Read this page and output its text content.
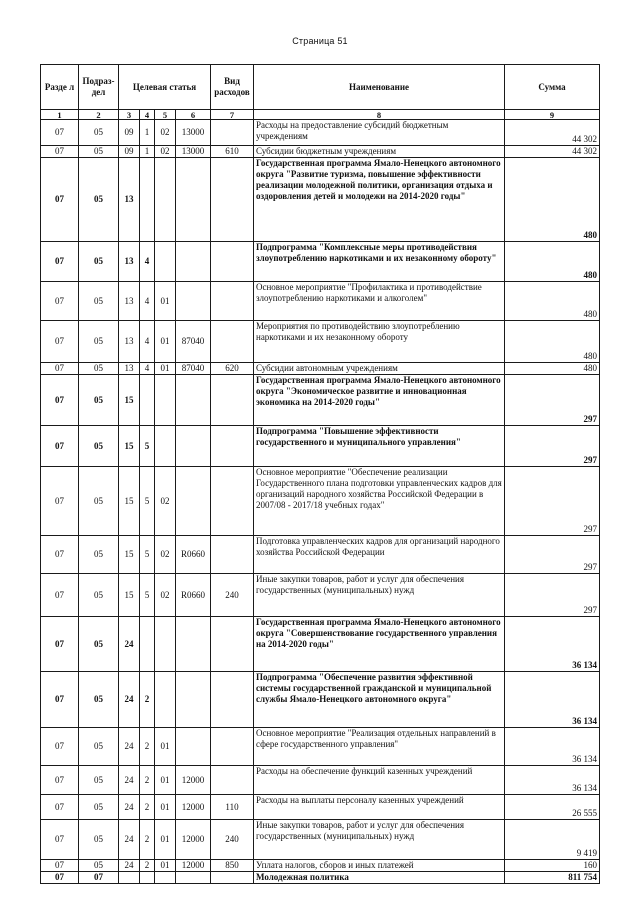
Страница 51
Разде л	Подраз- дел	Целевая статья				Вид расходов	Наименование	Сумма
1	2	3	4	5	6	7	8	9
07	05	09	1	02	13000		Расходы на предоставление субсидий бюджетным учреждениям	44 302
07	05	09	1	02	13000	610	Субсидии бюджетным учреждениям	44 302
07	05	13					Государственная программа Ямало-Ненецкого автономного округа "Развитие туризма, повышение эффективности реализации молодежной политики, организация отдыха и оздоровления детей и молодежи на 2014-2020 годы"	480
07	05	13	4				Подпрограмма "Комплексные меры противодействия злоупотреблению наркотиками и их незаконному обороту"	480
07	05	13	4	01			Основное мероприятие "Профилактика и противодействие злоупотреблению наркотиками и алкоголем"	480
07	05	13	4	01	87040		Мероприятия по противодействию злоупотреблению наркотиками и их незаконному обороту	480
07	05	13	4	01	87040	620	Субсидии автономным учреждениям	480
07	05	15					Государственная программа Ямало-Ненецкого автономного округа "Экономическое развитие и инновационная экономика на 2014-2020 годы"	297
07	05	15	5				Подпрограмма "Повышение эффективности государственного и муниципального управления"	297
07	05	15	5	02			Основное мероприятие "Обеспечение реализации Государственного плана подготовки управленческих кадров для организаций народного хозяйства Российской Федерации в 2007/08 - 2017/18 учебных годах"	297
07	05	15	5	02	R0660		Подготовка управленческих кадров для организаций народного хозяйства Российской Федерации	297
07	05	15	5	02	R0660	240	Иные закупки товаров, работ и услуг для обеспечения государственных (муниципальных) нужд	297
07	05	24					Государственная программа Ямало-Ненецкого автономного округа "Совершенствование государственного управления на 2014-2020 годы"	36 134
07	05	24	2				Подпрограмма "Обеспечение развития эффективной системы государственной гражданской и муниципальной службы Ямало-Ненецкого автономного округа"	36 134
07	05	24	2	01			Основное мероприятие "Реализация отдельных направлений в сфере государственного управления"	36 134
07	05	24	2	01	12000		Расходы на обеспечение функций казенных учреждений	36 134
07	05	24	2	01	12000	110	Расходы на выплаты персоналу казенных учреждений	26 555
07	05	24	2	01	12000	240	Иные закупки товаров, работ и услуг для обеспечения государственных (муниципальных) нужд	9 419
07	05	24	2	01	12000	850	Уплата налогов, сборов и иных платежей	160
07	07						Молодежная политика	811 754
